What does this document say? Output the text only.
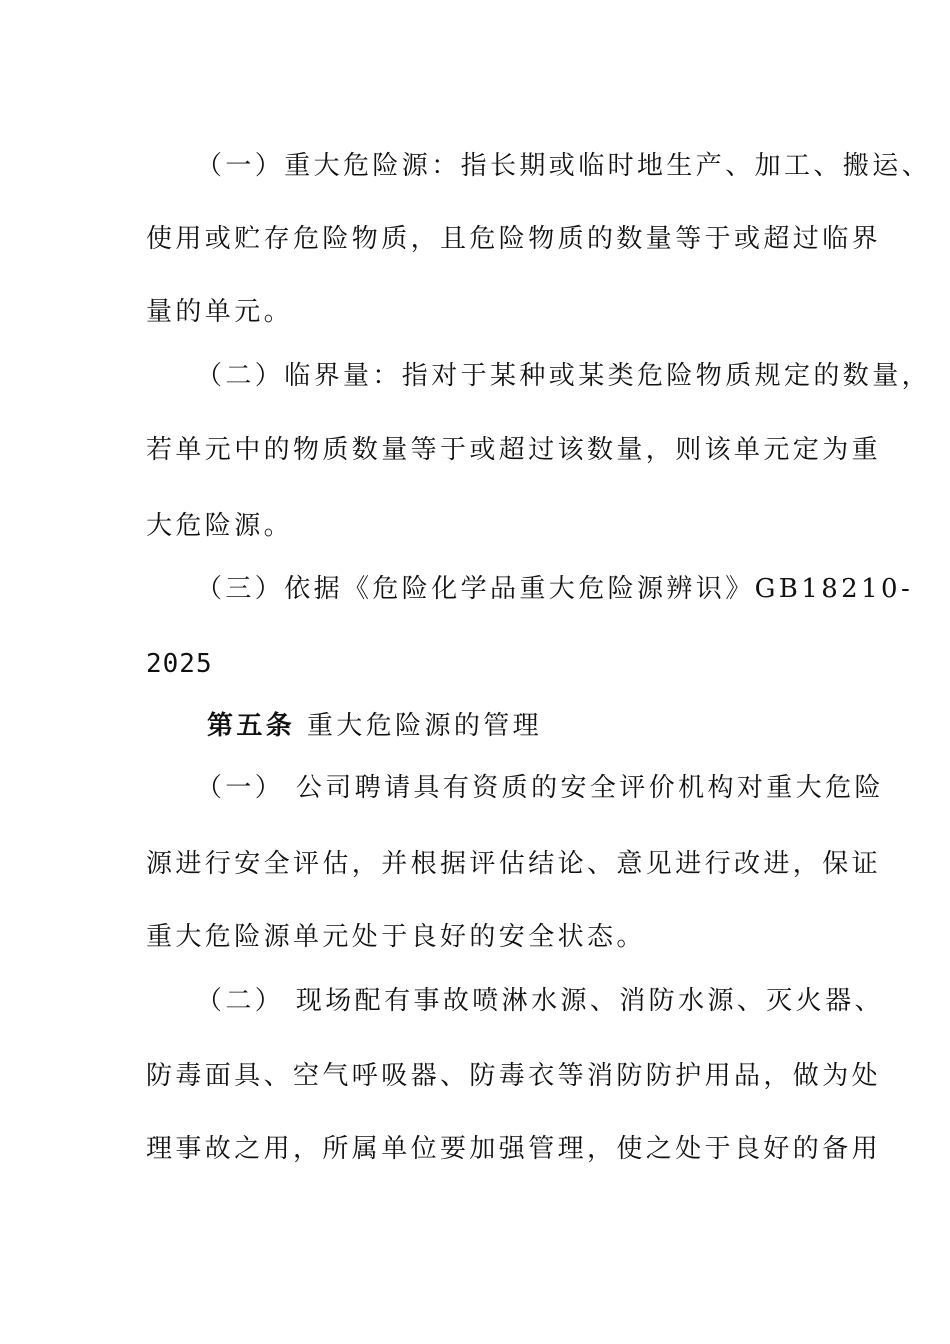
（一）重大危险源：指长期或临时地生产、加工、搬运、
使用或贮存危险物质，且危险物质的数量等于或超过临界
量的单元。
（二）临界量：指对于某种或某类危险物质规定的数量，
若单元中的物质数量等于或超过该数量，则该单元定为重
大危险源。
（三）依据《危险化学品重大危险源辨识》GB18210-
2025
第五条 重大危险源的管理
（一） 公司聘请具有资质的安全评价机构对重大危险
源进行安全评估，并根据评估结论、意见进行改进，保证
重大危险源单元处于良好的安全状态。
（二） 现场配有事故喷淋水源、消防水源、灭火器、
防毒面具、空气呼吸器、防毒衣等消防防护用品，做为处
理事故之用，所属单位要加强管理，使之处于良好的备用
